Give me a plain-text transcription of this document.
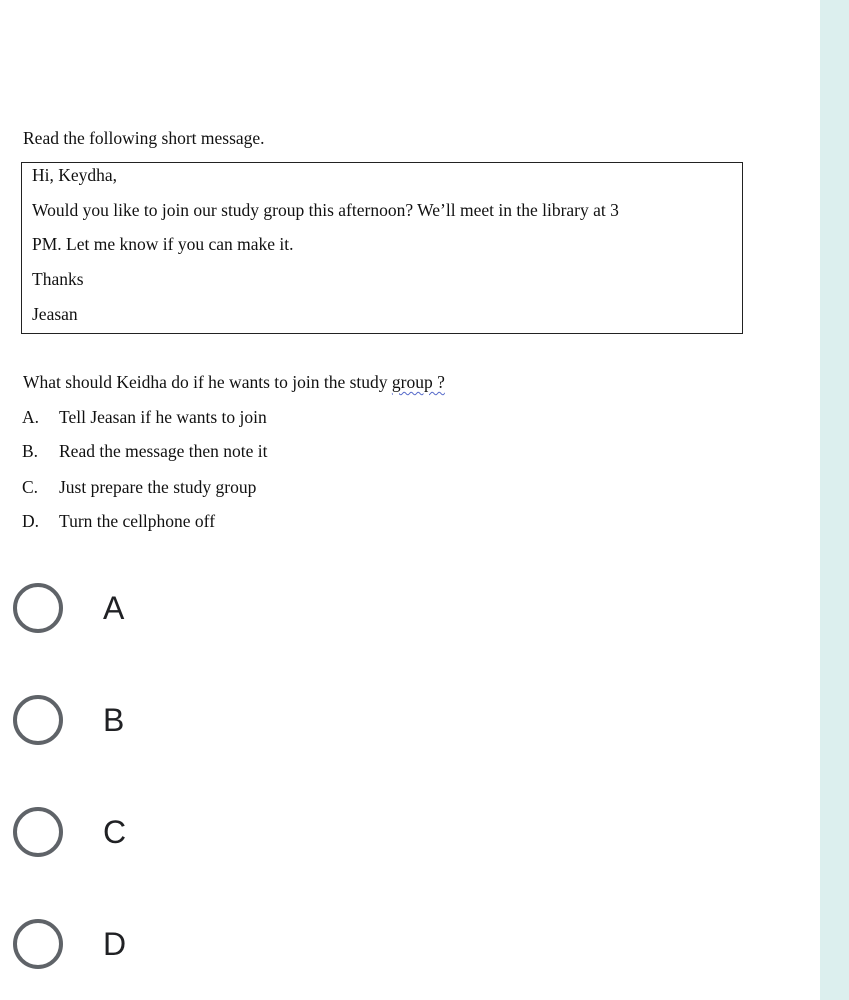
Read the following short message.
Hi, Keydha,
Would you like to join our study group this afternoon? We’ll meet in the library at 3
PM. Let me know if you can make it.
Thanks
Jeasan
What should Keidha do if he wants to join the study group ?
A. Tell Jeasan if he wants to join
B. Read the message then note it
C. Just prepare the study group
D. Turn the cellphone off
A
B
C
D
